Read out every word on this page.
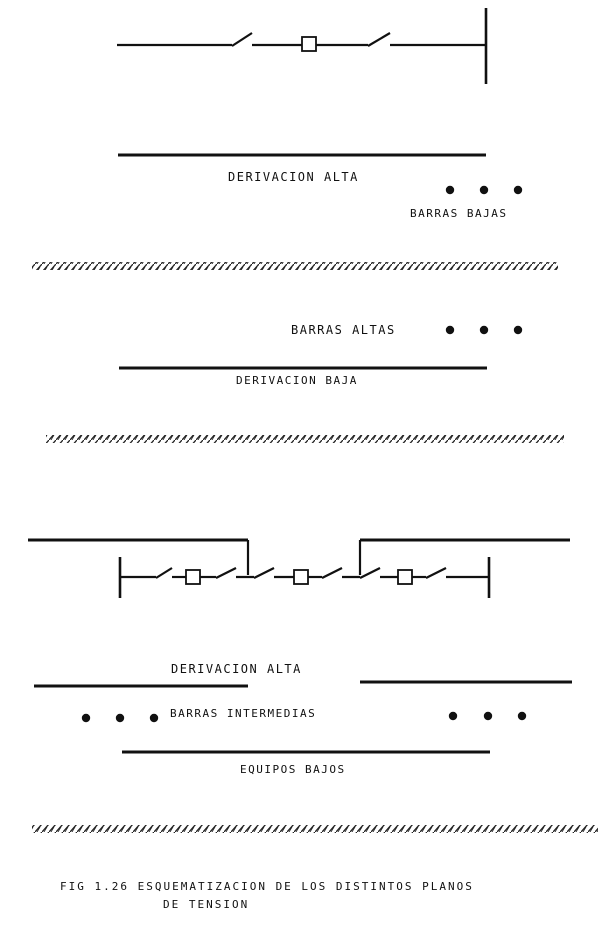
DERIVACION ALTA
BARRAS BAJAS
BARRAS ALTAS
DERIVACION BAJA
DERIVACION ALTA
BARRAS INTERMEDIAS
EQUIPOS BAJOS
FIG 1.26 ESQUEMATIZACION DE LOS DISTINTOS PLANOS
DE TENSION
